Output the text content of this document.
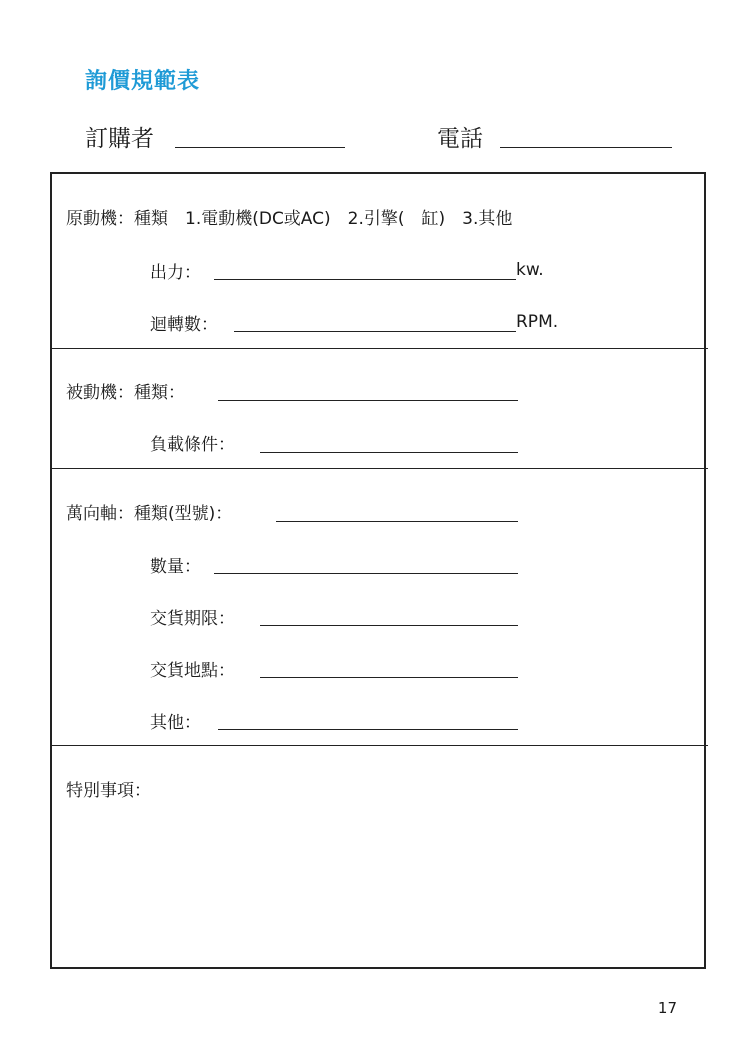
詢價規範表
訂購者	電話
原動機：種類　1.電動機(DC或AC)　2.引擎(　缸)　3.其他
出力：	kw.
迴轉數：	RPM.
被動機：種類：
負載條件：
萬向軸：種類(型號)：
數量：
交貨期限：
交貨地點：
其他：
特別事項：
17
